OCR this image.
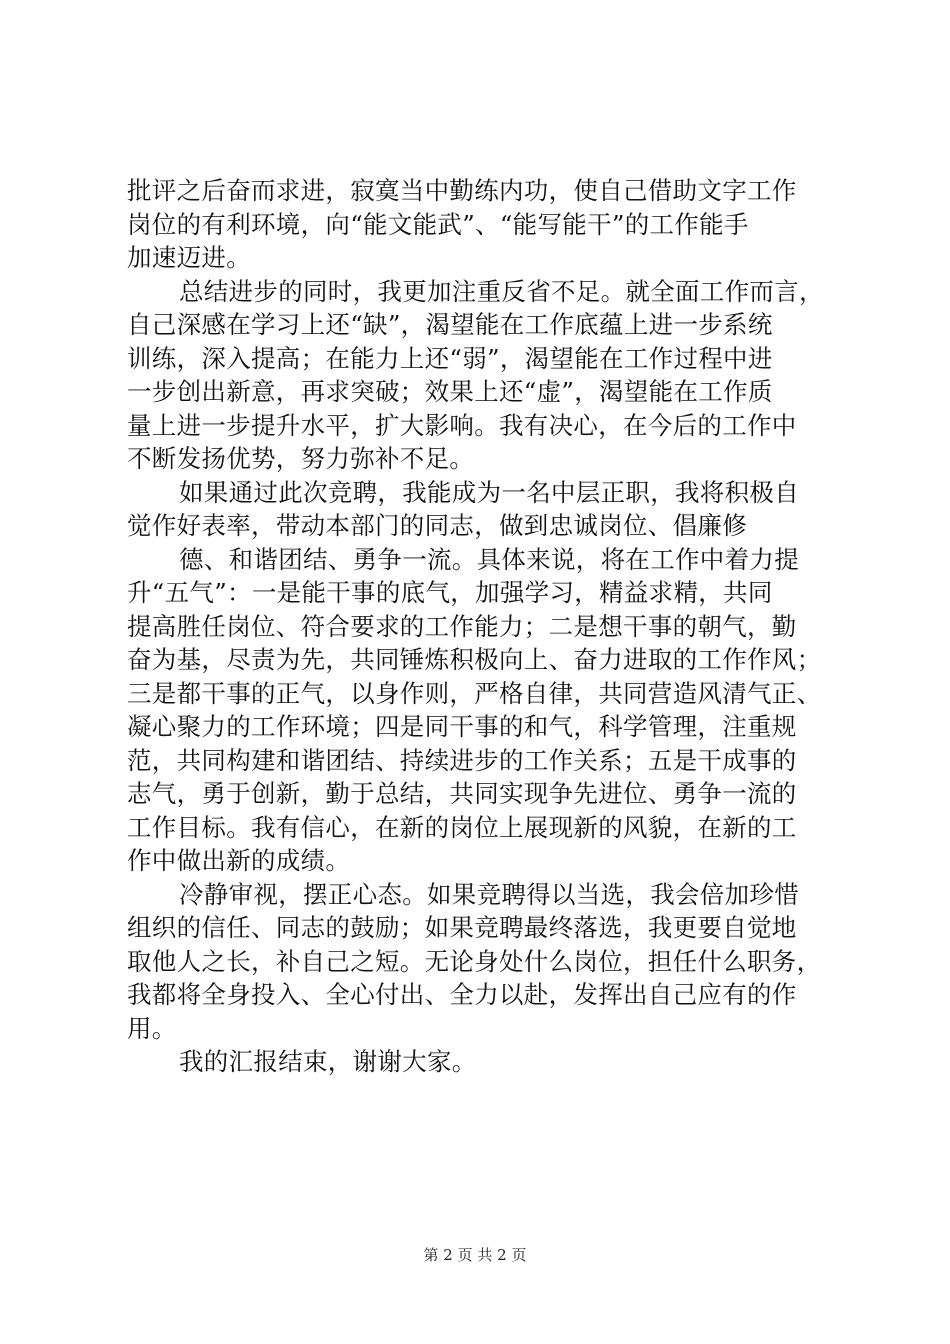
批评之后奋而求进，寂寞当中勤练内功，使自己借助文字工作
岗位的有利环境，向“能文能武”、“能写能干”的工作能手
加速迈进。
总结进步的同时，我更加注重反省不足。就全面工作而言，
自己深感在学习上还“缺”，渴望能在工作底蕴上进一步系统
训练，深入提高；在能力上还“弱”，渴望能在工作过程中进
一步创出新意，再求突破；效果上还“虚”，渴望能在工作质
量上进一步提升水平，扩大影响。我有决心，在今后的工作中
不断发扬优势，努力弥补不足。
如果通过此次竞聘，我能成为一名中层正职，我将积极自
觉作好表率，带动本部门的同志，做到忠诚岗位、倡廉修
德、和谐团结、勇争一流。具体来说，将在工作中着力提
升“五气”：一是能干事的底气，加强学习，精益求精，共同
提高胜任岗位、符合要求的工作能力；二是想干事的朝气，勤
奋为基，尽责为先，共同锤炼积极向上、奋力进取的工作作风；
三是都干事的正气，以身作则，严格自律，共同营造风清气正、
凝心聚力的工作环境；四是同干事的和气，科学管理，注重规
范，共同构建和谐团结、持续进步的工作关系；五是干成事的
志气，勇于创新，勤于总结，共同实现争先进位、勇争一流的
工作目标。我有信心，在新的岗位上展现新的风貌，在新的工
作中做出新的成绩。
冷静审视，摆正心态。如果竞聘得以当选，我会倍加珍惜
组织的信任、同志的鼓励；如果竞聘最终落选，我更要自觉地
取他人之长，补自己之短。无论身处什么岗位，担任什么职务，
我都将全身投入、全心付出、全力以赴，发挥出自己应有的作
用。
我的汇报结束，谢谢大家。
第 2 页 共 2 页
